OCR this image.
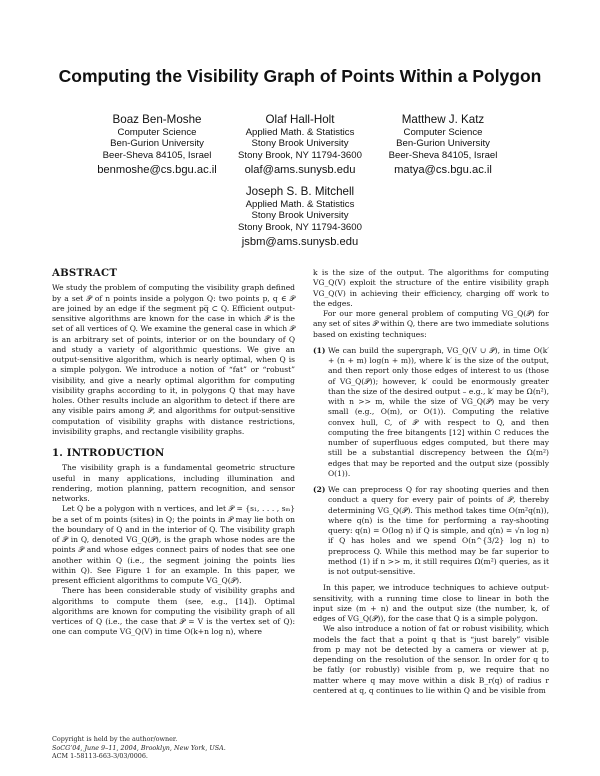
Computing the Visibility Graph of Points Within a Polygon
Boaz Ben-Moshe
Computer Science
Ben-Gurion University
Beer-Sheva 84105, Israel
benmoshe@cs.bgu.ac.il
Olaf Hall-Holt
Applied Math. & Statistics
Stony Brook University
Stony Brook, NY 11794-3600
olaf@ams.sunysb.edu
Matthew J. Katz
Computer Science
Ben-Gurion University
Beer-Sheva 84105, Israel
matya@cs.bgu.ac.il
Joseph S. B. Mitchell
Applied Math. & Statistics
Stony Brook University
Stony Brook, NY 11794-3600
jsbm@ams.sunysb.edu
ABSTRACT

We study the problem of computing the visibility graph defined by a set 𝒫 of n points inside a polygon Q: two points p, q ∈ 𝒫 are joined by an edge if the segment pq̅ ⊂ Q. Efficient output-sensitive algorithms are known for the case in which 𝒫 is the set of all vertices of Q. We examine the general case in which 𝒫 is an arbitrary set of points, interior or on the boundary of Q and study a variety of algorithmic questions. We give an output-sensitive algorithm, which is nearly optimal, when Q is a simple polygon. We introduce a notion of “fat” or “robust” visibility, and give a nearly optimal algorithm for computing visibility graphs according to it, in polygons Q that may have holes. Other results include an algorithm to detect if there are any visible pairs among 𝒫, and algorithms for output-sensitive computation of visibility graphs with distance restrictions, invisibility graphs, and rectangle visibility graphs.

1. INTRODUCTION

The visibility graph is a fundamental geometric structure useful in many applications, including illumination and rendering, motion planning, pattern recognition, and sensor networks.

Let Q be a polygon with n vertices, and let 𝒫 = {s₁, . . . , sₘ} be a set of m points (sites) in Q; the points in 𝒫 may lie both on the boundary of Q and in the interior of Q. The visibility graph of 𝒫 in Q, denoted VG_Q(𝒫), is the graph whose nodes are the points 𝒫 and whose edges connect pairs of nodes that see one another within Q (i.e., the segment joining the points lies within Q). See Figure 1 for an example. In this paper, we present efficient algorithms to compute VG_Q(𝒫).

There has been considerable study of visibility graphs and algorithms to compute them (see, e.g., [14]). Optimal algorithms are known for computing the visibility graph of all vertices of Q (i.e., the case that 𝒫 = V is the vertex set of Q): one can compute VG_Q(V) in time O(k+n log n), where

Copyright is held by the author/owner.
SoCG’04, June 9–11, 2004, Brooklyn, New York, USA.
ACM 1-58113-663-3/03/0006.

k is the size of the output. The algorithms for computing VG_Q(V) exploit the structure of the entire visibility graph VG_Q(V) in achieving their efficiency, charging off work to the edges.

For our more general problem of computing VG_Q(𝒫) for any set of sites 𝒫 within Q, there are two immediate solutions based on existing techniques:

(1) We can build the supergraph, VG_Q(V ∪ 𝒫), in time O(k′ + (n + m) log(n + m)), where k′ is the size of the output, and then report only those edges of interest to us (those of VG_Q(𝒫)); however, k′ could be enormously greater than the size of the desired output – e.g., k′ may be Ω(n²), with n >> m, while the size of VG_Q(𝒫) may be very small (e.g., O(m), or O(1)). Computing the relative convex hull, C, of 𝒫 with respect to Q, and then computing the free bitangents [12] within C reduces the number of superfluous edges computed, but there may still be a substantial discrepency between the Ω(m²) edges that may be reported and the output size (possibly O(1)).

(2) We can preprocess Q for ray shooting queries and then conduct a query for every pair of points of 𝒫, thereby determining VG_Q(𝒫). This method takes time O(m²q(n)), where q(n) is the time for performing a ray-shooting query: q(n) = O(log n) if Q is simple, and q(n) = √n log n) if Q has holes and we spend O(n^{3/2} log n) to preprocess Q. While this method may be far superior to method (1) if n >> m, it still requires Ω(m²) queries, as it is not output-sensitive.

In this paper, we introduce techniques to achieve output-sensitivity, with a running time close to linear in both the input size (m + n) and the output size (the number, k, of edges of VG_Q(𝒫)), for the case that Q is a simple polygon.

We also introduce a notion of fat or robust visibility, which models the fact that a point q that is “just barely” visible from p may not be detected by a camera or viewer at p, depending on the resolution of the sensor. In order for q to be fatly (or robustly) visible from p, we require that no matter where q may move within a disk B_r(q) of radius r centered at q, q continues to lie within Q and be visible from
